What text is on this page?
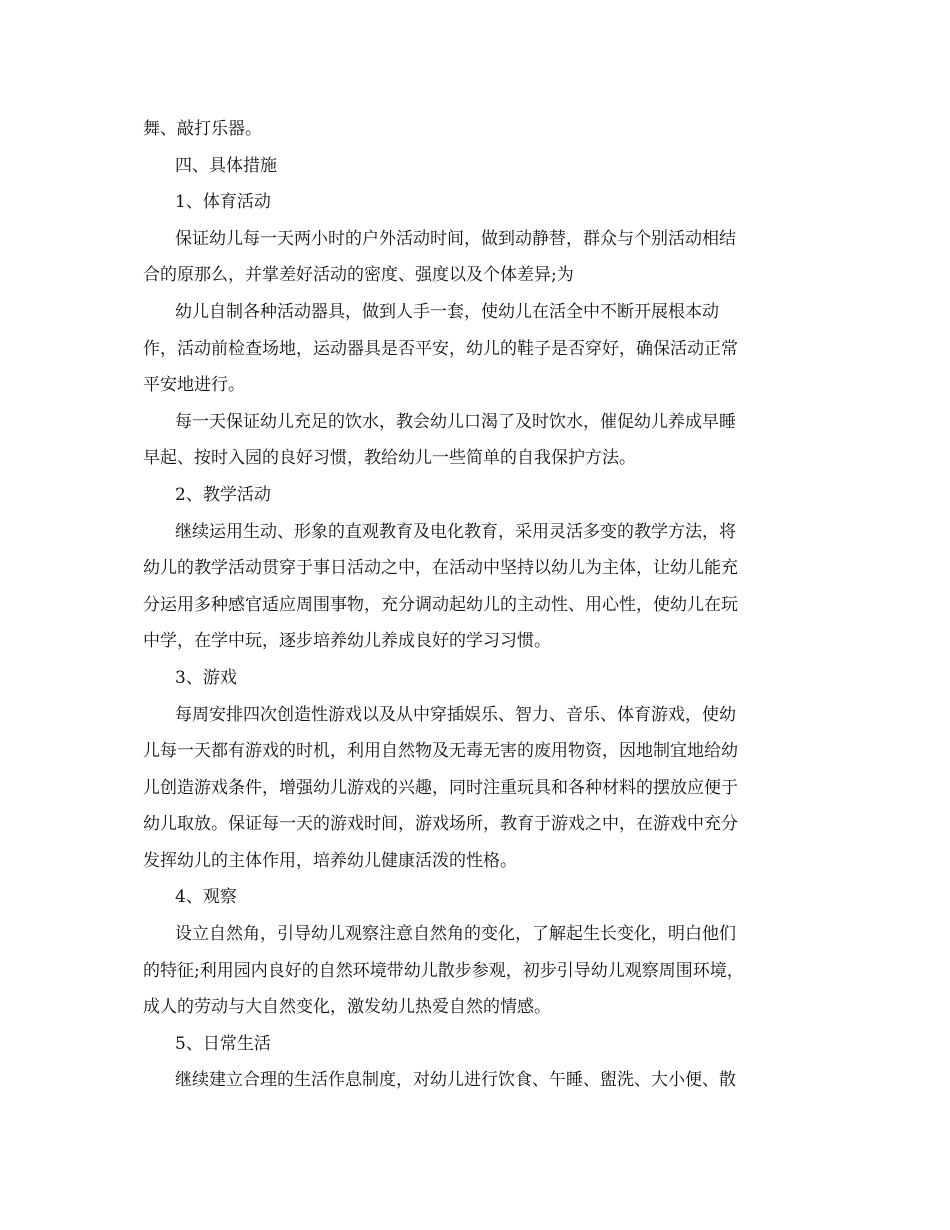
舞、敲打乐器。
四、具体措施
1、体育活动
保证幼儿每一天两小时的户外活动时间，做到动静替，群众与个别活动相结
合的原那么，并掌差好活动的密度、强度以及个体差异;为
幼儿自制各种活动器具，做到人手一套，使幼儿在活全中不断开展根本动
作，活动前检查场地，运动器具是否平安，幼儿的鞋子是否穿好，确保活动正常
平安地进行。
每一天保证幼儿充足的饮水，教会幼儿口渴了及时饮水，催促幼儿养成早睡
早起、按时入园的良好习惯，教给幼儿一些简单的自我保护方法。
2、教学活动
继续运用生动、形象的直观教育及电化教育，采用灵活多变的教学方法，将
幼儿的教学活动贯穿于事日活动之中，在活动中坚持以幼儿为主体，让幼儿能充
分运用多种感官适应周围事物，充分调动起幼儿的主动性、用心性，使幼儿在玩
中学，在学中玩，逐步培养幼儿养成良好的学习习惯。
3、游戏
每周安排四次创造性游戏以及从中穿插娱乐、智力、音乐、体育游戏，使幼
儿每一天都有游戏的时机，利用自然物及无毒无害的废用物资，因地制宜地给幼
儿创造游戏条件，增强幼儿游戏的兴趣，同时注重玩具和各种材料的摆放应便于
幼儿取放。保证每一天的游戏时间，游戏场所，教育于游戏之中，在游戏中充分
发挥幼儿的主体作用，培养幼儿健康活泼的性格。
4、观察
设立自然角，引导幼儿观察注意自然角的变化，了解起生长变化，明白他们
的特征;利用园内良好的自然环境带幼儿散步参观，初步引导幼儿观察周围环境，
成人的劳动与大自然变化，激发幼儿热爱自然的情感。
5、日常生活
继续建立合理的生活作息制度，对幼儿进行饮食、午睡、盥洗、大小便、散
